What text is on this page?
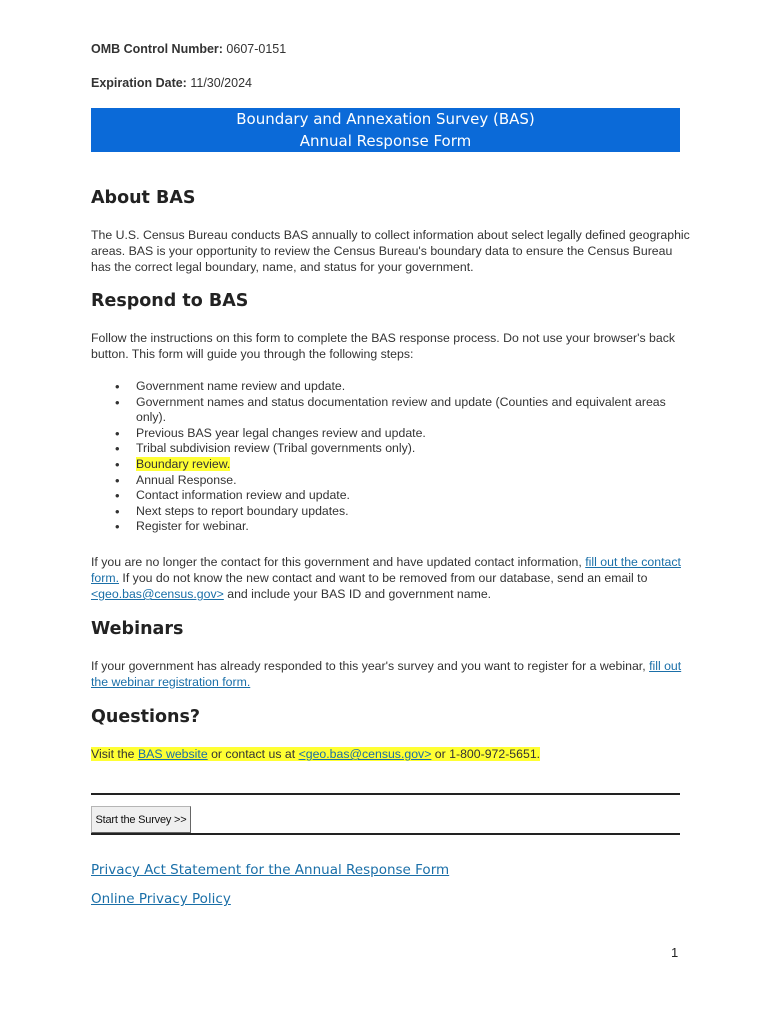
OMB Control Number: 0607-0151
Expiration Date: 11/30/2024
Boundary and Annexation Survey (BAS)
Annual Response Form
About BAS
The U.S. Census Bureau conducts BAS annually to collect information about select legally defined geographic areas. BAS is your opportunity to review the Census Bureau's boundary data to ensure the Census Bureau has the correct legal boundary, name, and status for your government.
Respond to BAS
Follow the instructions on this form to complete the BAS response process. Do not use your browser's back button. This form will guide you through the following steps:
• Government name review and update.
• Government names and status documentation review and update (Counties and equivalent areas only).
• Previous BAS year legal changes review and update.
• Tribal subdivision review (Tribal governments only).
• Boundary review.
• Annual Response.
• Contact information review and update.
• Next steps to report boundary updates.
• Register for webinar.
If you are no longer the contact for this government and have updated contact information, fill out the contact form. If you do not know the new contact and want to be removed from our database, send an email to <geo.bas@census.gov> and include your BAS ID and government name.
Webinars
If your government has already responded to this year's survey and you want to register for a webinar, fill out the webinar registration form.
Questions?
Visit the BAS website or contact us at <geo.bas@census.gov> or 1-800-972-5651.
Start the Survey >>
Privacy Act Statement for the Annual Response Form
Online Privacy Policy
1
